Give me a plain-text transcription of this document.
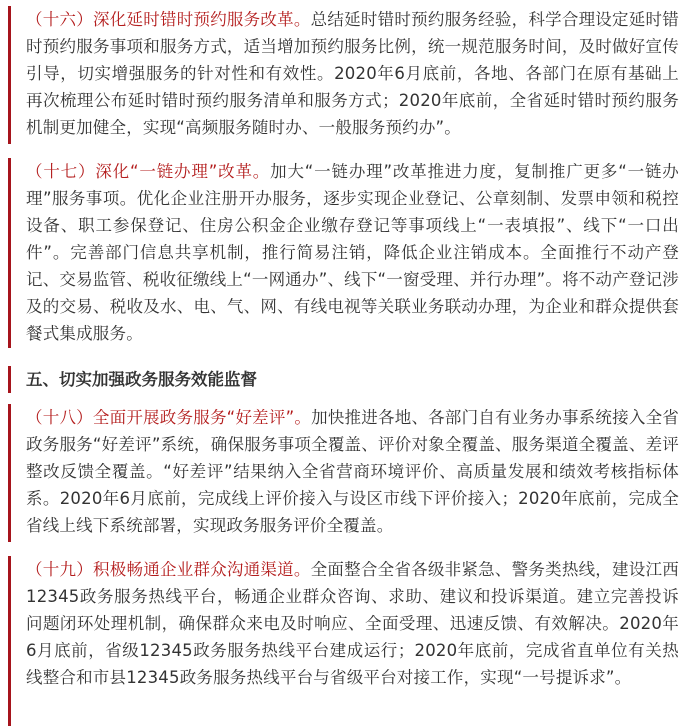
（十六）深化延时错时预约服务改革。总结延时错时预约服务经验，科学合理设定延时错时预约服务事项和服务方式，适当增加预约服务比例，统一规范服务时间，及时做好宣传引导，切实增强服务的针对性和有效性。2020年6月底前，各地、各部门在原有基础上再次梳理公布延时错时预约服务清单和服务方式；2020年底前，全省延时错时预约服务机制更加健全，实现“高频服务随时办、一般服务预约办”。

（十七）深化“一链办理”改革。加大“一链办理”改革推进力度，复制推广更多“一链办理”服务事项。优化企业注册开办服务，逐步实现企业登记、公章刻制、发票申领和税控设备、职工参保登记、住房公积金企业缴存登记等事项线上“一表填报”、线下“一口出件”。完善部门信息共享机制，推行简易注销，降低企业注销成本。全面推行不动产登记、交易监管、税收征缴线上“一网通办”、线下“一窗受理、并行办理”。将不动产登记涉及的交易、税收及水、电、气、网、有线电视等关联业务联动办理，为企业和群众提供套餐式集成服务。

五、切实加强政务服务效能监督

（十八）全面开展政务服务“好差评”。加快推进各地、各部门自有业务办事系统接入全省政务服务“好差评”系统，确保服务事项全覆盖、评价对象全覆盖、服务渠道全覆盖、差评整改反馈全覆盖。“好差评”结果纳入全省营商环境评价、高质量发展和绩效考核指标体系。2020年6月底前，完成线上评价接入与设区市线下评价接入；2020年底前，完成全省线上线下系统部署，实现政务服务评价全覆盖。

（十九）积极畅通企业群众沟通渠道。全面整合全省各级非紧急、警务类热线，建设江西12345政务服务热线平台，畅通企业群众咨询、求助、建议和投诉渠道。建立完善投诉问题闭环处理机制，确保群众来电及时响应、全面受理、迅速反馈、有效解决。2020年6月底前，省级12345政务服务热线平台建成运行；2020年底前，完成省直单位有关热线整合和市县12345政务服务热线平台与省级平台对接工作，实现“一号提诉求”。
